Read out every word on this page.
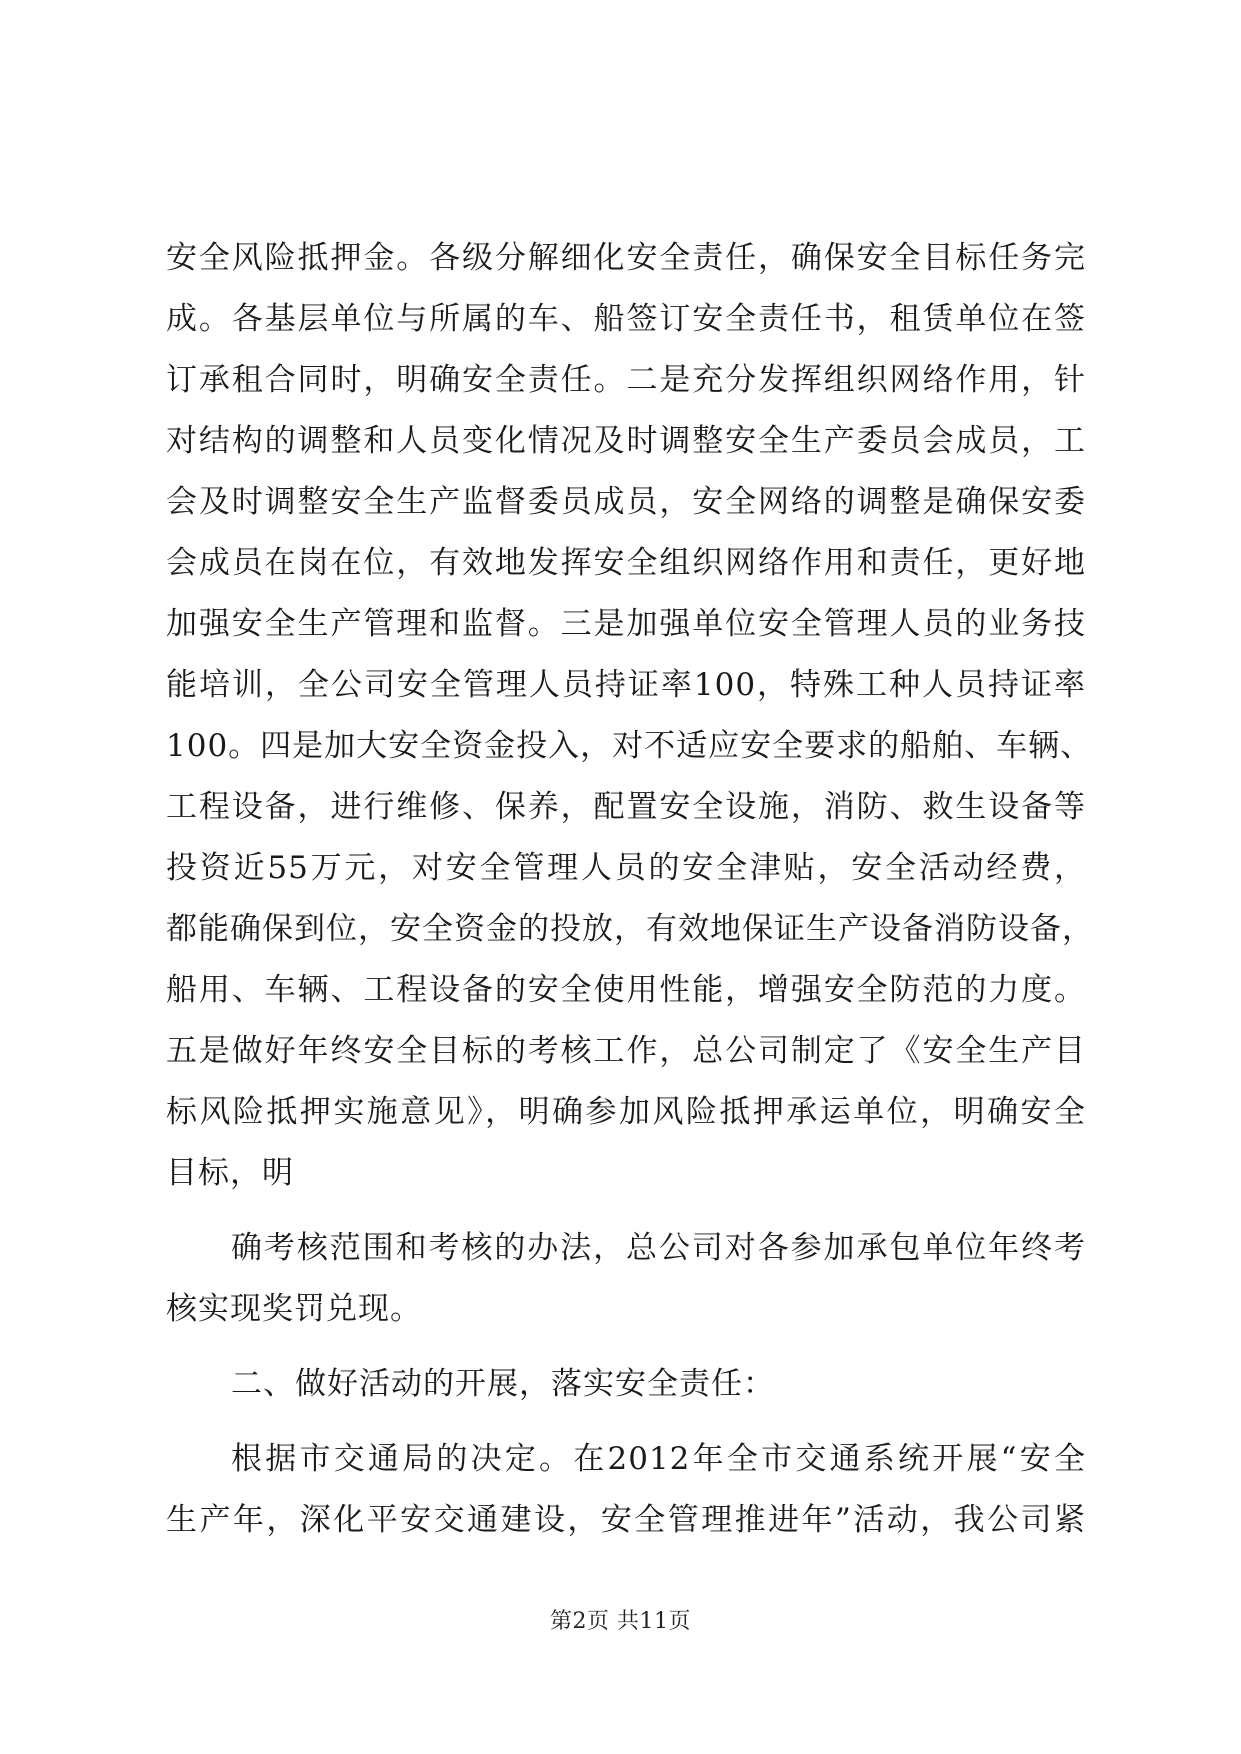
安全风险抵押金。各级分解细化安全责任，确保安全目标任务完
成。各基层单位与所属的车、船签订安全责任书，租赁单位在签
订承租合同时，明确安全责任。二是充分发挥组织网络作用，针
对结构的调整和人员变化情况及时调整安全生产委员会成员，工
会及时调整安全生产监督委员成员，安全网络的调整是确保安委
会成员在岗在位，有效地发挥安全组织网络作用和责任，更好地
加强安全生产管理和监督。三是加强单位安全管理人员的业务技
能培训，全公司安全管理人员持证率100，特殊工种人员持证率
100。四是加大安全资金投入，对不适应安全要求的船舶、车辆、
工程设备，进行维修、保养，配置安全设施，消防、救生设备等
投资近55万元，对安全管理人员的安全津贴，安全活动经费，
都能确保到位，安全资金的投放，有效地保证生产设备消防设备，
船用、车辆、工程设备的安全使用性能，增强安全防范的力度。
五是做好年终安全目标的考核工作，总公司制定了《安全生产目
标风险抵押实施意见》，明确参加风险抵押承运单位，明确安全
目标，明
确考核范围和考核的办法，总公司对各参加承包单位年终考
核实现奖罚兑现。
二、做好活动的开展，落实安全责任：
根据市交通局的决定。在2012年全市交通系统开展“安全
生产年，深化平安交通建设，安全管理推进年”活动，我公司紧
第2页 共11页
